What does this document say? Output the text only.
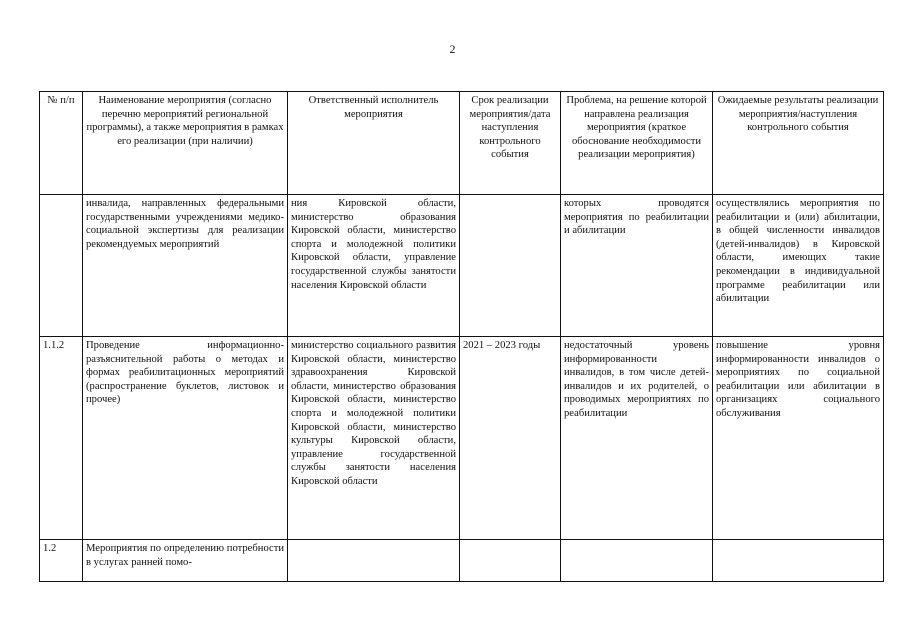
2
№ п/п	Наименование мероприятия (согласно перечню мероприятий региональной программы), а также мероприятия в рамках его реализации (при наличии)	Ответственный исполнитель мероприятия	Срок реализации мероприятия/дата наступления контрольного события	Проблема, на решение которой направлена реализация мероприятия (краткое обоснование необходимости реализации мероприятия)	Ожидаемые результаты реализации мероприятия/наступления контрольного события
	инвалида, направленных федеральными государственными учреждениями медико-социальной экспертизы для реализации рекомендуемых мероприятий	ния Кировской области, министерство образования Кировской области, министерство спорта и молодежной политики Кировской области, управление государственной службы занятости населения Кировской области		которых проводятся мероприятия по реабилитации и абилитации	осуществлялись мероприятия по реабилитации и (или) абилитации, в общей численности инвалидов (детей-инвалидов) в Кировской области, имеющих такие рекомендации в индивидуальной программе реабилитации или абилитации
1.1.2	Проведение информационно-разъяснительной работы о методах и формах реабилитационных мероприятий (распространение буклетов, листовок и прочее)	министерство социального развития Кировской области, министерство здравоохранения Кировской области, министерство образования Кировской области, министерство спорта и молодежной политики Кировской области, министерство культуры Кировской области, управление государственной службы занятости населения Кировской области	2021 – 2023 годы	недостаточный уровень информированности инвалидов, в том числе детей-инвалидов и их родителей, о проводимых мероприятиях по реабилитации	повышение уровня информированности инвалидов о мероприятиях по социальной реабилитации или абилитации в организациях социального обслуживания
1.2	Мероприятия по определению потребности в услугах ранней помо-				
